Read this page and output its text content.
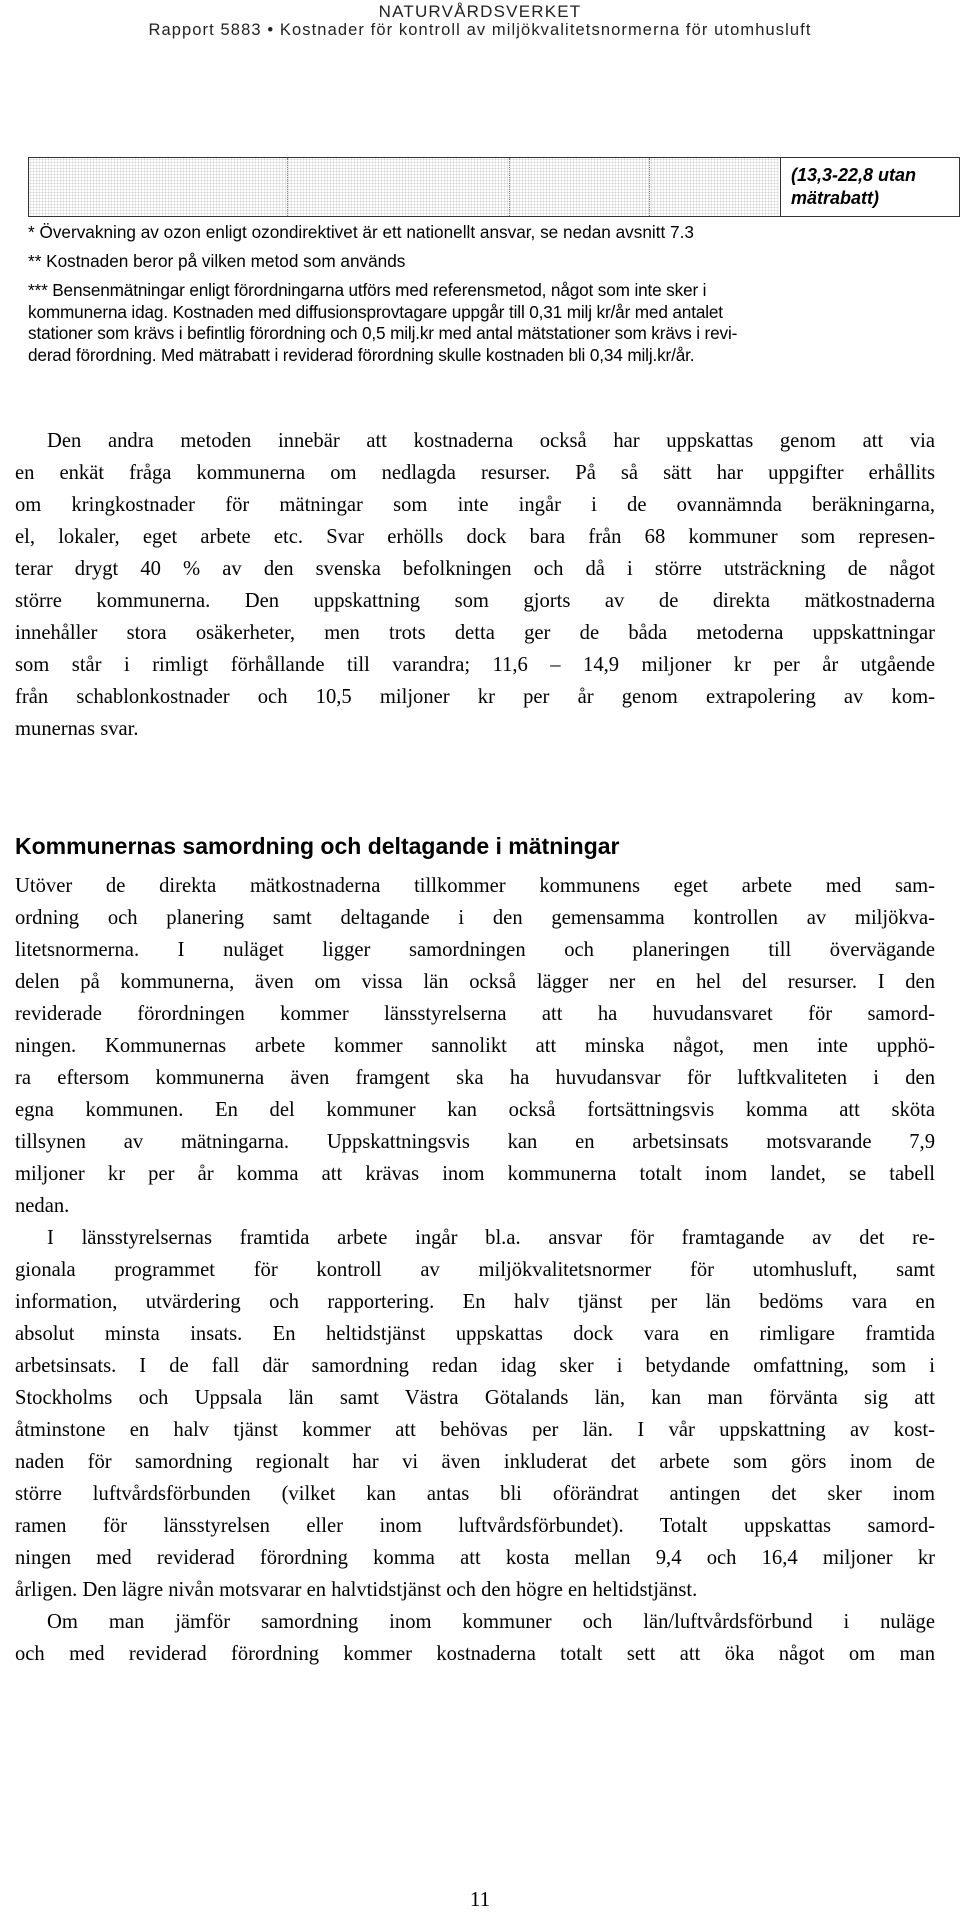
NATURVÅRDSVERKET
Rapport 5883 • Kostnader för kontroll av miljökvalitetsnormerna för utomhusluft
(13,3-22,8 utan
mätrabatt)
* Övervakning av ozon enligt ozondirektivet är ett nationellt ansvar, se nedan avsnitt 7.3
** Kostnaden beror på vilken metod som används
*** Bensenmätningar enligt förordningarna utförs med referensmetod, något som inte sker i
kommunerna idag. Kostnaden med diffusionsprovtagare uppgår till 0,31 milj kr/år med antalet
stationer som krävs i befintlig förordning och 0,5 milj.kr med antal mätstationer som krävs i revi-
derad förordning. Med mätrabatt i reviderad förordning skulle kostnaden bli 0,34 milj.kr/år.
Den andra metoden innebär att kostnaderna också har uppskattas genom att via
en enkät fråga kommunerna om nedlagda resurser. På så sätt har uppgifter erhållits
om kringkostnader för mätningar som inte ingår i de ovannämnda beräkningarna,
el, lokaler, eget arbete etc. Svar erhölls dock bara från 68 kommuner som represen-
terar drygt 40 % av den svenska befolkningen och då i större utsträckning de något
större kommunerna. Den uppskattning som gjorts av de direkta mätkostnaderna
innehåller stora osäkerheter, men trots detta ger de båda metoderna uppskattningar
som står i rimligt förhållande till varandra; 11,6 – 14,9 miljoner kr per år utgående
från schablonkostnader och 10,5 miljoner kr per år genom extrapolering av kom-
munernas svar.
Kommunernas samordning och deltagande i mätningar
Utöver de direkta mätkostnaderna tillkommer kommunens eget arbete med sam-
ordning och planering samt deltagande i den gemensamma kontrollen av miljökva-
litetsnormerna. I nuläget ligger samordningen och planeringen till övervägande
delen på kommunerna, även om vissa län också lägger ner en hel del resurser. I den
reviderade förordningen kommer länsstyrelserna att ha huvudansvaret för samord-
ningen. Kommunernas arbete kommer sannolikt att minska något, men inte upphö-
ra eftersom kommunerna även framgent ska ha huvudansvar för luftkvaliteten i den
egna kommunen. En del kommuner kan också fortsättningsvis komma att sköta
tillsynen av mätningarna. Uppskattningsvis kan en arbetsinsats motsvarande 7,9
miljoner kr per år komma att krävas inom kommunerna totalt inom landet, se tabell
nedan.
I länsstyrelsernas framtida arbete ingår bl.a. ansvar för framtagande av det re-
gionala programmet för kontroll av miljökvalitetsnormer för utomhusluft, samt
information, utvärdering och rapportering. En halv tjänst per län bedöms vara en
absolut minsta insats. En heltidstjänst uppskattas dock vara en rimligare framtida
arbetsinsats. I de fall där samordning redan idag sker i betydande omfattning, som i
Stockholms och Uppsala län samt Västra Götalands län, kan man förvänta sig att
åtminstone en halv tjänst kommer att behövas per län. I vår uppskattning av kost-
naden för samordning regionalt har vi även inkluderat det arbete som görs inom de
större luftvårdsförbunden (vilket kan antas bli oförändrat antingen det sker inom
ramen för länsstyrelsen eller inom luftvårdsförbundet). Totalt uppskattas samord-
ningen med reviderad förordning komma att kosta mellan 9,4 och 16,4 miljoner kr
årligen. Den lägre nivån motsvarar en halvtidstjänst och den högre en heltidstjänst.
Om man jämför samordning inom kommuner och län/luftvårdsförbund i nuläge
och med reviderad förordning kommer kostnaderna totalt sett att öka något om man
11
